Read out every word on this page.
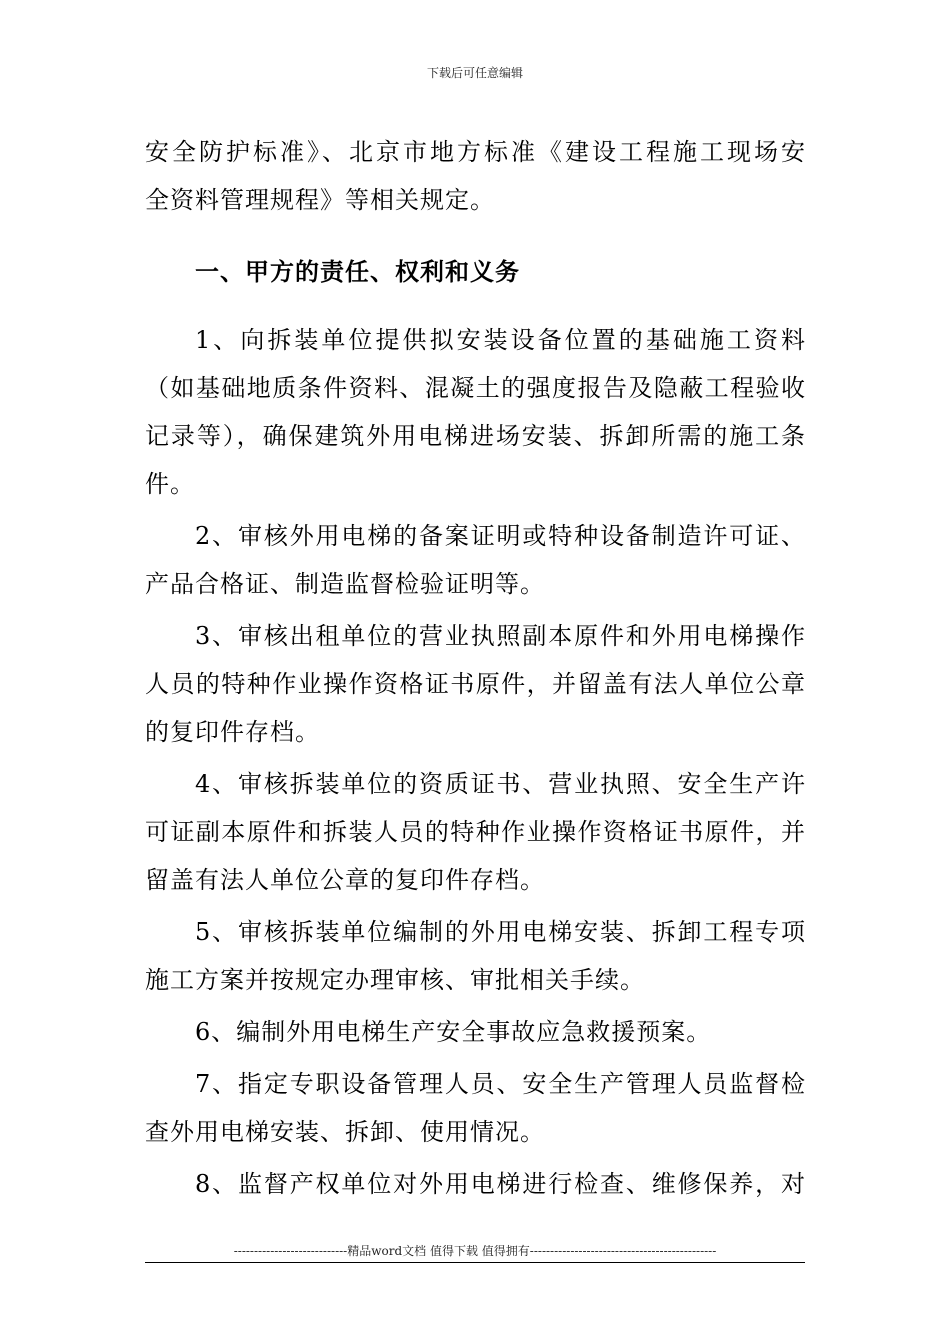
下载后可任意编辑
安全防护标准》、北京市地方标准《建设工程施工现场安
全资料管理规程》等相关规定。
一、甲方的责任、权利和义务
1、向拆装单位提供拟安装设备位置的基础施工资料
（如基础地质条件资料、混凝土的强度报告及隐蔽工程验收
记录等），确保建筑外用电梯进场安装、拆卸所需的施工条
件。
2、审核外用电梯的备案证明或特种设备制造许可证、
产品合格证、制造监督检验证明等。
3、审核出租单位的营业执照副本原件和外用电梯操作
人员的特种作业操作资格证书原件，并留盖有法人单位公章
的复印件存档。
4、审核拆装单位的资质证书、营业执照、安全生产许
可证副本原件和拆装人员的特种作业操作资格证书原件，并
留盖有法人单位公章的复印件存档。
5、审核拆装单位编制的外用电梯安装、拆卸工程专项
施工方案并按规定办理审核、审批相关手续。
6、编制外用电梯生产安全事故应急救援预案。
7、指定专职设备管理人员、安全生产管理人员监督检
查外用电梯安装、拆卸、使用情况。
8、监督产权单位对外用电梯进行检查、维修保养，对
----------------------------精品word文档 值得下载 值得拥有----------------------------------------------
